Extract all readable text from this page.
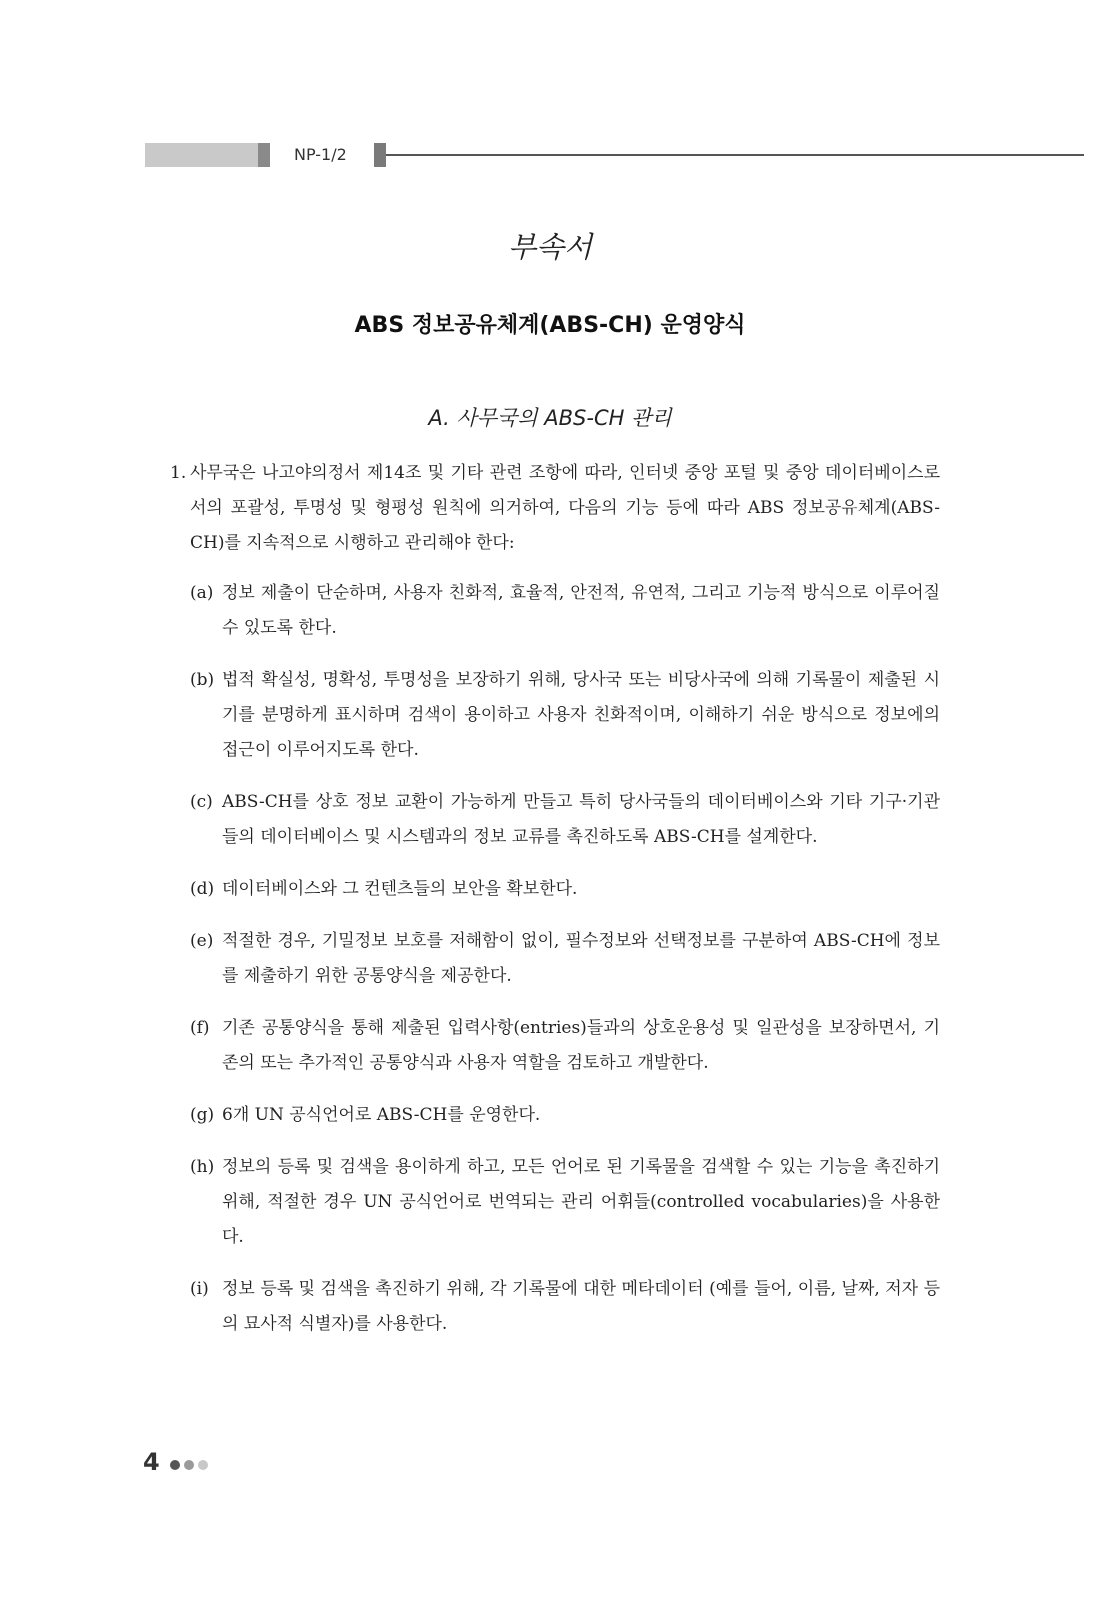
NP-1/2
부속서
ABS 정보공유체계(ABS-CH) 운영양식
A. 사무국의 ABS-CH 관리

1. 사무국은 나고야의정서 제14조 및 기타 관련 조항에 따라, 인터넷 중앙 포털 및 중앙 데이터베이스로서의 포괄성, 투명성 및 형평성 원칙에 의거하여, 다음의 기능 등에 따라 ABS 정보공유체계(ABS-CH)를 지속적으로 시행하고 관리해야 한다:

(a) 정보 제출이 단순하며, 사용자 친화적, 효율적, 안전적, 유연적, 그리고 기능적 방식으로 이루어질 수 있도록 한다.
(b) 법적 확실성, 명확성, 투명성을 보장하기 위해, 당사국 또는 비당사국에 의해 기록물이 제출된 시기를 분명하게 표시하며 검색이 용이하고 사용자 친화적이며, 이해하기 쉬운 방식으로 정보에의 접근이 이루어지도록 한다.
(c) ABS-CH를 상호 정보 교환이 가능하게 만들고 특히 당사국들의 데이터베이스와 기타 기구·기관들의 데이터베이스 및 시스템과의 정보 교류를 촉진하도록 ABS-CH를 설계한다.
(d) 데이터베이스와 그 컨텐츠들의 보안을 확보한다.
(e) 적절한 경우, 기밀정보 보호를 저해함이 없이, 필수정보와 선택정보를 구분하여 ABS-CH에 정보를 제출하기 위한 공통양식을 제공한다.
(f) 기존 공통양식을 통해 제출된 입력사항(entries)들과의 상호운용성 및 일관성을 보장하면서, 기존의 또는 추가적인 공통양식과 사용자 역할을 검토하고 개발한다.
(g) 6개 UN 공식언어로 ABS-CH를 운영한다.
(h) 정보의 등록 및 검색을 용이하게 하고, 모든 언어로 된 기록물을 검색할 수 있는 기능을 촉진하기 위해, 적절한 경우 UN 공식언어로 번역되는 관리 어휘들(controlled vocabularies)을 사용한다.
(i) 정보 등록 및 검색을 촉진하기 위해, 각 기록물에 대한 메타데이터 (예를 들어, 이름, 날짜, 저자 등의 묘사적 식별자)를 사용한다.
4
